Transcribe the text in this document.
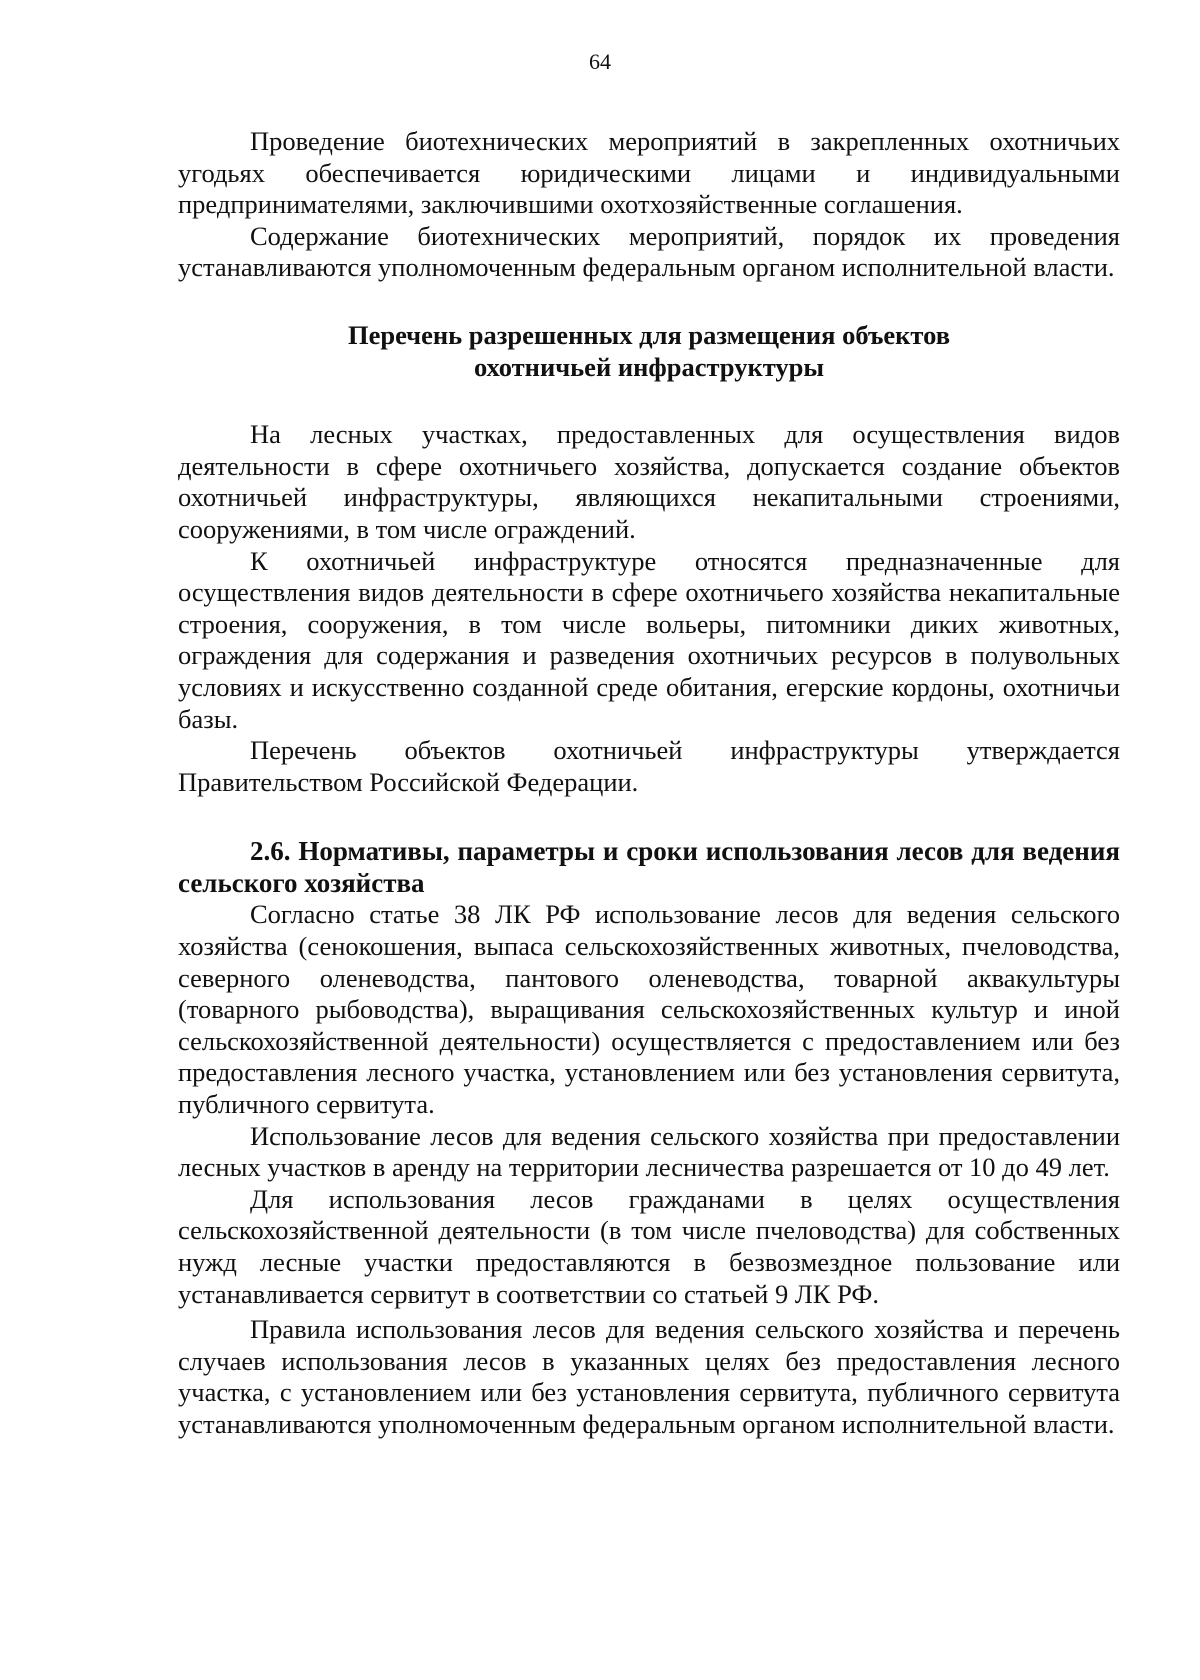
64

Проведение биотехнических мероприятий в закрепленных охотничьих угодьях обеспечивается юридическими лицами и индивидуальными предпринимателями, заключившими охотхозяйственные соглашения.

Содержание биотехнических мероприятий, порядок их проведения устанавливаются уполномоченным федеральным органом исполнительной власти.

Перечень разрешенных для размещения объектов
охотничьей инфраструктуры

На лесных участках, предоставленных для осуществления видов деятельности в сфере охотничьего хозяйства, допускается создание объектов охотничьей инфраструктуры, являющихся некапитальными строениями, сооружениями, в том числе ограждений.

К охотничьей инфраструктуре относятся предназначенные для осуществления видов деятельности в сфере охотничьего хозяйства некапитальные строения, сооружения, в том числе вольеры, питомники диких животных, ограждения для содержания и разведения охотничьих ресурсов в полувольных условиях и искусственно созданной среде обитания, егерские кордоны, охотничьи базы.

Перечень объектов охотничьей инфраструктуры утверждается Правительством Российской Федерации.

2.6. Нормативы, параметры и сроки использования лесов для ведения сельского хозяйства

Согласно статье 38 ЛК РФ использование лесов для ведения сельского хозяйства (сенокошения, выпаса сельскохозяйственных животных, пчеловодства, северного оленеводства, пантового оленеводства, товарной аквакультуры (товарного рыбоводства), выращивания сельскохозяйственных культур и иной сельскохозяйственной деятельности) осуществляется с предоставлением или без предоставления лесного участка, установлением или без установления сервитута, публичного сервитута.

Использование лесов для ведения сельского хозяйства при предоставлении лесных участков в аренду на территории лесничества разрешается от 10 до 49 лет.

Для использования лесов гражданами в целях осуществления сельскохозяйственной деятельности (в том числе пчеловодства) для собственных нужд лесные участки предоставляются в безвозмездное пользование или устанавливается сервитут в соответствии со статьей 9 ЛК РФ.

Правила использования лесов для ведения сельского хозяйства и перечень случаев использования лесов в указанных целях без предоставления лесного участка, с установлением или без установления сервитута, публичного сервитута устанавливаются уполномоченным федеральным органом исполнительной власти.
